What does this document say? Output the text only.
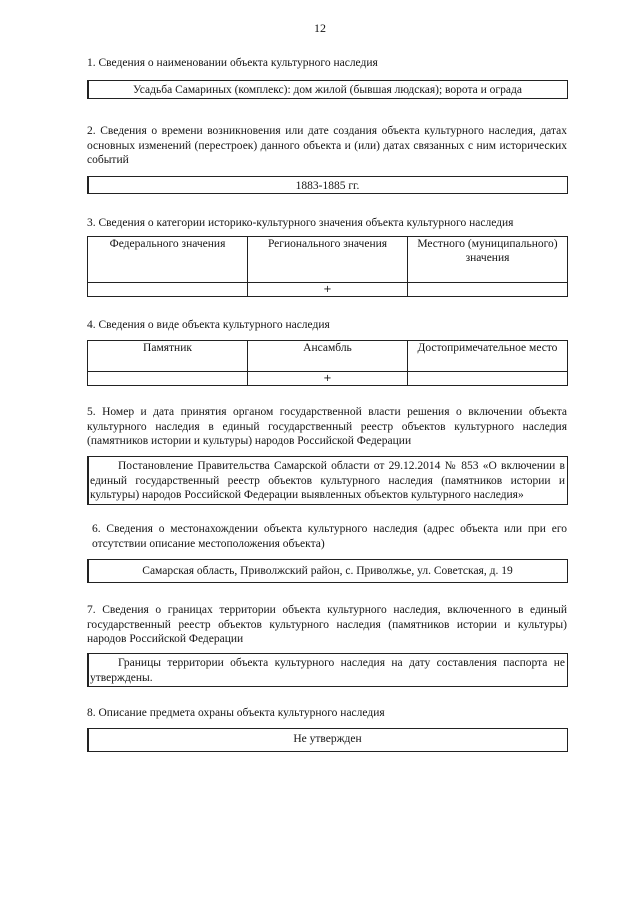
12
1. Сведения о наименовании объекта культурного наследия
Усадьба Самариных (комплекс): дом жилой (бывшая людская); ворота и ограда
2. Сведения о времени возникновения или дате создания объекта культурного наследия, датах основных изменений (перестроек) данного объекта и (или) датах связанных с ним исторических событий
1883-1885 гг.
3. Сведения о категории историко-культурного значения объекта культурного наследия
Федерального значения	Регионального значения	Местного (муниципального) значения
	+	
4. Сведения о виде объекта культурного наследия
Памятник	Ансамбль	Достопримечательное место
	+	
5. Номер и дата принятия органом государственной власти решения о включении объекта культурного наследия в единый государственный реестр объектов культурного наследия (памятников истории и культуры) народов Российской Федерации
Постановление Правительства Самарской области от 29.12.2014 № 853 «О включении в единый государственный реестр объектов культурного наследия (памятников истории и культуры) народов Российской Федерации выявленных объектов культурного наследия»
6. Сведения о местонахождении объекта культурного наследия (адрес объекта или при его отсутствии описание местоположения объекта)
Самарская область, Приволжский район, с. Приволжье, ул. Советская, д. 19
7. Сведения о границах территории объекта культурного наследия, включенного в единый государственный реестр объектов культурного наследия (памятников истории и культуры) народов Российской Федерации
Границы территории объекта культурного наследия на дату составления паспорта не утверждены.
8. Описание предмета охраны объекта культурного наследия
Не утвержден
